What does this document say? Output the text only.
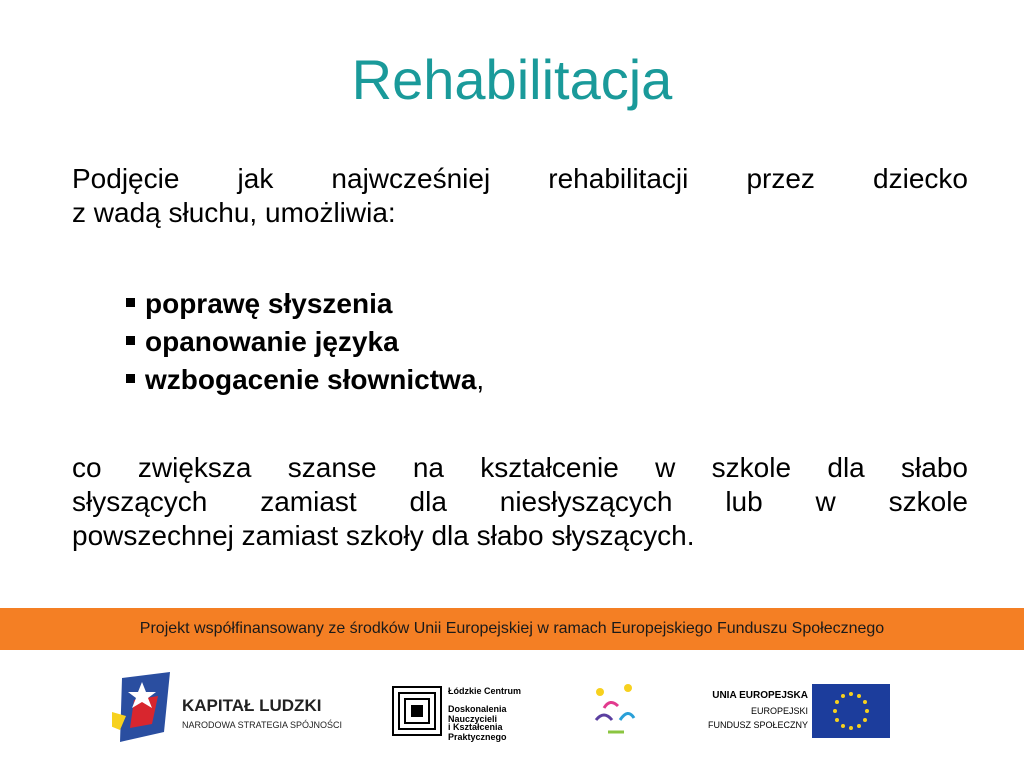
Rehabilitacja
Podjęcie jak najwcześniej rehabilitacji przez dziecko
z wadą słuchu, umożliwia:
poprawę słyszenia
opanowanie języka
wzbogacenie słownictwa,
co zwiększa szanse na kształcenie w szkole dla słabo
słyszących zamiast dla niesłyszących lub w szkole
powszechnej zamiast szkoły dla słabo słyszących.
Projekt współfinansowany ze środków Unii Europejskiej w ramach Europejskiego Funduszu Społecznego
KAPITAŁ LUDZKI
NARODOWA STRATEGIA SPÓJNOŚCI
Łódzkie Centrum
Doskonalenia Nauczycieli
i Kształcenia Praktycznego
UNIA EUROPEJSKA
EUROPEJSKI
FUNDUSZ SPOŁECZNY
